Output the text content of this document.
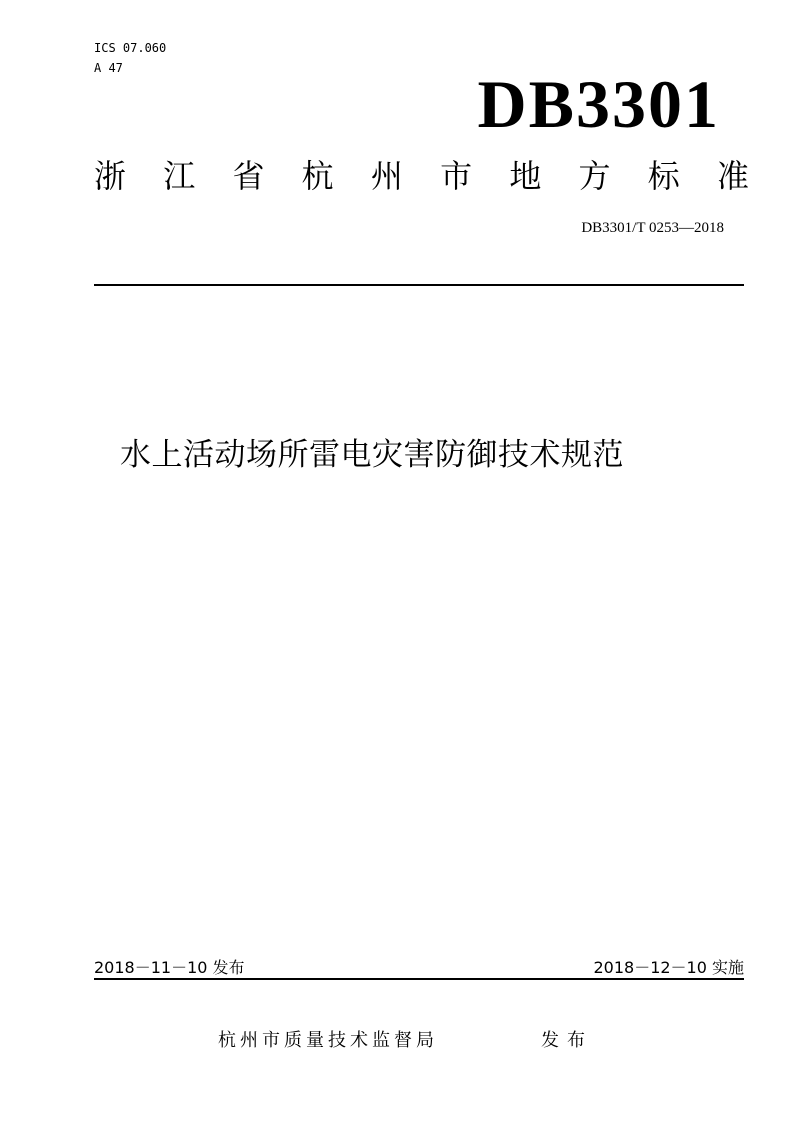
ICS 07.060
A 47	DB3301
浙 江 省 杭 州 市 地 方 标 准
DB3301/T 0253—2018
水上活动场所雷电灾害防御技术规范
2018－11－10 发布	2018－12－10 实施
杭州市质量技术监督局	发布
